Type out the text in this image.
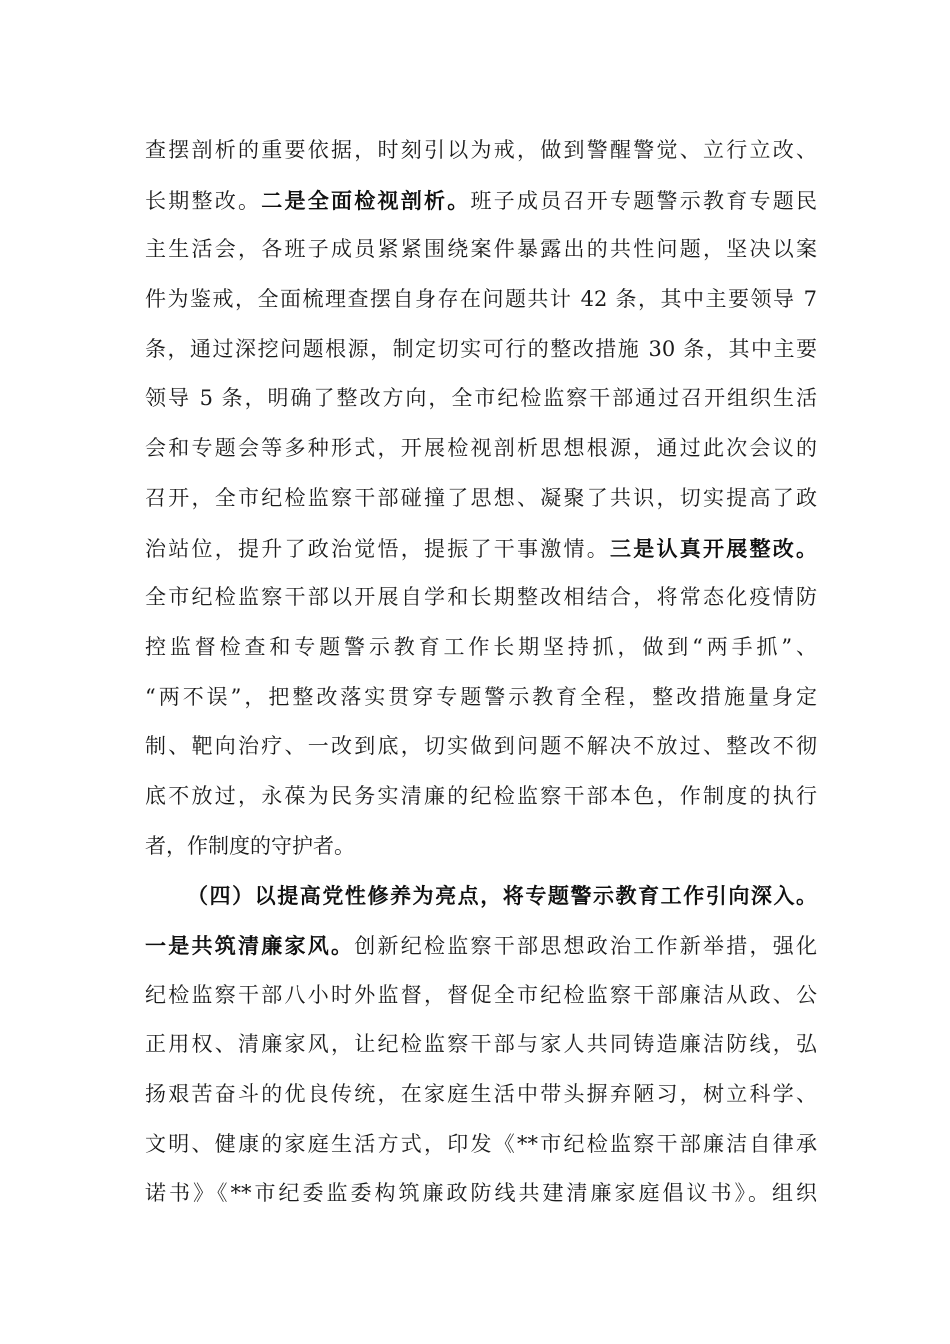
查摆剖析的重要依据，时刻引以为戒，做到警醒警觉、立行立改、
长期整改。二是全面检视剖析。班子成员召开专题警示教育专题民
主生活会，各班子成员紧紧围绕案件暴露出的共性问题，坚决以案
件为鉴戒，全面梳理查摆自身存在问题共计 42 条，其中主要领导 7
条，通过深挖问题根源，制定切实可行的整改措施 30 条，其中主要
领导 5 条，明确了整改方向，全市纪检监察干部通过召开组织生活
会和专题会等多种形式，开展检视剖析思想根源，通过此次会议的
召开，全市纪检监察干部碰撞了思想、凝聚了共识，切实提高了政
治站位，提升了政治觉悟，提振了干事激情。三是认真开展整改。
全市纪检监察干部以开展自学和长期整改相结合，将常态化疫情防
控监督检查和专题警示教育工作长期坚持抓，做到“两手抓”、
“两不误”，把整改落实贯穿专题警示教育全程，整改措施量身定
制、靶向治疗、一改到底，切实做到问题不解决不放过、整改不彻
底不放过，永葆为民务实清廉的纪检监察干部本色，作制度的执行
者，作制度的守护者。
（四）以提高党性修养为亮点，将专题警示教育工作引向深入。
一是共筑清廉家风。创新纪检监察干部思想政治工作新举措，强化
纪检监察干部八小时外监督，督促全市纪检监察干部廉洁从政、公
正用权、清廉家风，让纪检监察干部与家人共同铸造廉洁防线，弘
扬艰苦奋斗的优良传统，在家庭生活中带头摒弃陋习，树立科学、
文明、健康的家庭生活方式，印发《**市纪检监察干部廉洁自律承
诺书》《**市纪委监委构筑廉政防线共建清廉家庭倡议书》。组织
